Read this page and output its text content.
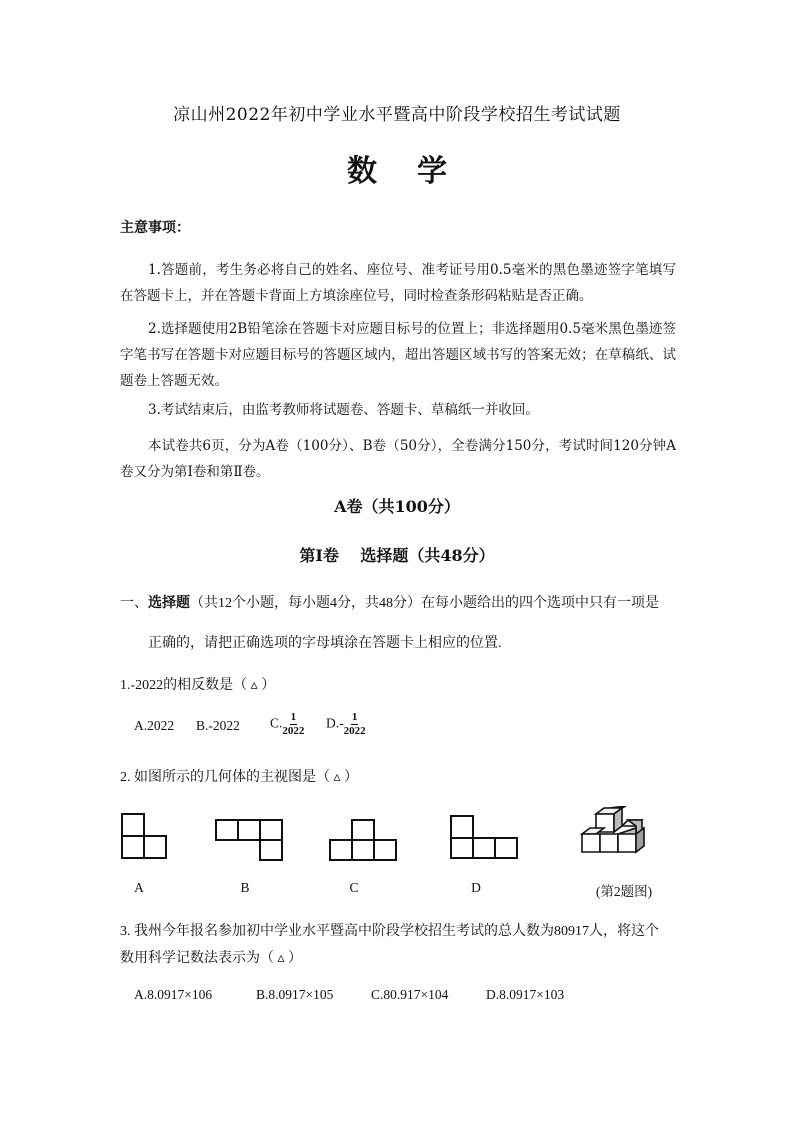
凉山州2022年初中学业水平暨高中阶段学校招生考试试题
数学
主意事项：
1.答题前，考生务必将自己的姓名、座位号、准考证号用0.5毫米的黑色墨迹签字笔填写在答题卡上，并在答题卡背面上方填涂座位号，同时检查条形码粘贴是否正确。
2.选择题使用2B铅笔涂在答题卡对应题目标号的位置上；非选择题用0.5毫米黑色墨迹签字笔书写在答题卡对应题目标号的答题区域内，超出答题区域书写的答案无效；在草稿纸、试题卷上答题无效。
3.考试结束后，由监考教师将试题卷、答题卡、草稿纸一并收回。
本试卷共6页，分为A卷（100分）、B卷（50分），全卷满分150分，考试时间120分钟A卷又分为第Ⅰ卷和第Ⅱ卷。
A卷（共100分）
第Ⅰ卷　 选择题（共48分）
一、选择题（共12个小题，每小题4分，共48分）在每小题给出的四个选项中只有一项是
正确的，请把正确选项的字母填涂在答题卡上相应的位置.
1.-2022的相反数是（ ▵ ）
A.2022 B.-2022 C. $\frac{1}{2022} D.- \frac{1}{2022}$
2. 如图所示的几何体的主视图是（ ▵ ）
A	B	C	D	(第2题图)
3. 我州今年报名参加初中学业水平暨高中阶段学校招生考试的总人数为80917人，将这个
数用科学记数法表示为（ ▵ ）
A.8.0917×106	B.8.0917×105	C.80.917×104	D.8.0917×103
